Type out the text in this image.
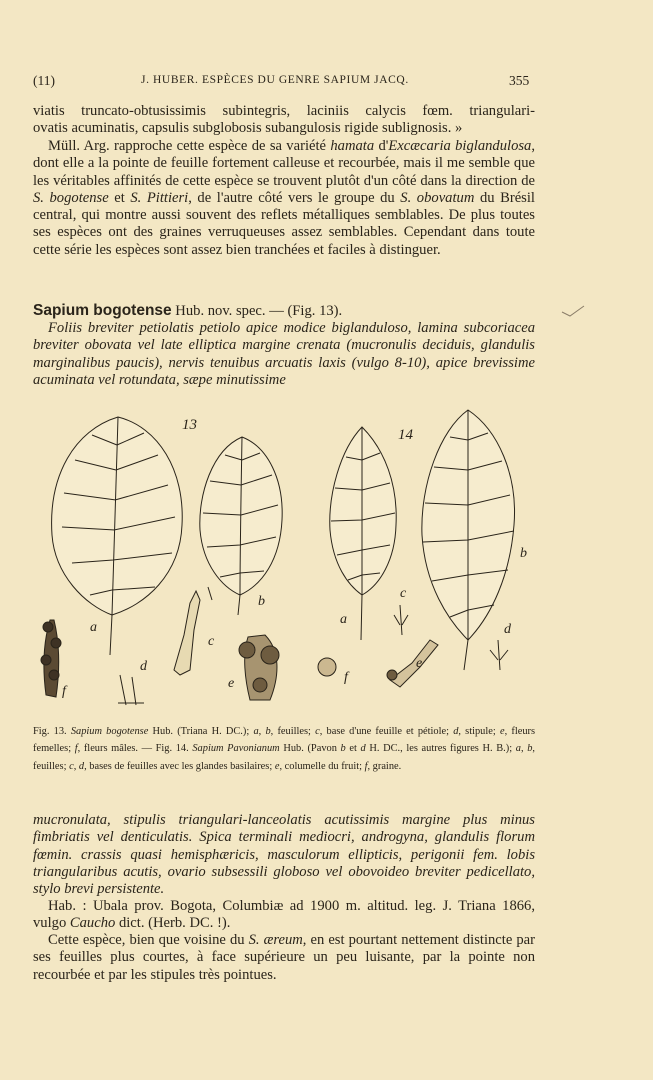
(11)	J. HUBER. ESPÈCES DU GENRE SAPIUM JACQ.	355

viatis truncato-obtusissimis subintegris, laciniis calycis fœm. triangulari-

ovatis acuminatis, capsulis subglobosis subangulosis rigide sublignosis. »

Müll. Arg. rapproche cette espèce de sa variété hamata d'Excæcaria biglandulosa, dont elle a la pointe de feuille fortement calleuse et recourbée, mais il me semble que les véritables affinités de cette espèce se trouvent plutôt d'un côté dans la direction de S. bogotense et S. Pittieri, de l'autre côté vers le groupe du S. obovatum du Brésil central, qui montre aussi souvent des reflets métalliques semblables. De plus toutes ses espèces ont des graines verruqueuses assez semblables. Cependant dans toute cette série les espèces sont assez bien tranchées et faciles à distinguer.

Sapium bogotense Hub. nov. spec. — (Fig. 13).

Foliis breviter petiolatis petiolo apice modice biglanduloso, lamina subcoriacea breviter obovata vel late elliptica margine crenata (mucronulis deciduis, glandulis marginalibus paucis), nervis tenuibus arcuatis laxis (vulgo 8-10), apice brevissime acuminata vel rotundata, sæpe minutissime

13
14
a
b
c
d
e
f
a
b
c
d
e
f
Fig. 13. Sapium bogotense Hub. (Triana H. DC.); a, b, feuilles; c, base d'une feuille et pétiole; d, stipule; e, fleurs femelles; f, fleurs mâles. — Fig. 14. Sapium Pavonianum Hub. (Pavon b et d H. DC., les autres figures H. B.); a, b, feuilles; c, d, bases de feuilles avec les glandes basilaires; e, columelle du fruit; f, graine.

mucronulata, stipulis triangulari-lanceolatis acutissimis margine plus minus fimbriatis vel denticulatis. Spica terminali mediocri, androgyna, glandulis florum fœmin. crassis quasi hemisphæricis, masculorum ellipticis, perigonii fem. lobis triangularibus acutis, ovario subsessili globoso vel obovoideo breviter pedicellato, stylo brevi persistente.

Hab. : Ubala prov. Bogota, Columbiæ ad 1900 m. altitud. leg. J. Triana 1866, vulgo Caucho dict. (Herb. DC. !).

Cette espèce, bien que voisine du S. æreum, en est pourtant nettement distincte par ses feuilles plus courtes, à face supérieure un peu luisante, par la pointe non recourbée et par les stipules très pointues.
